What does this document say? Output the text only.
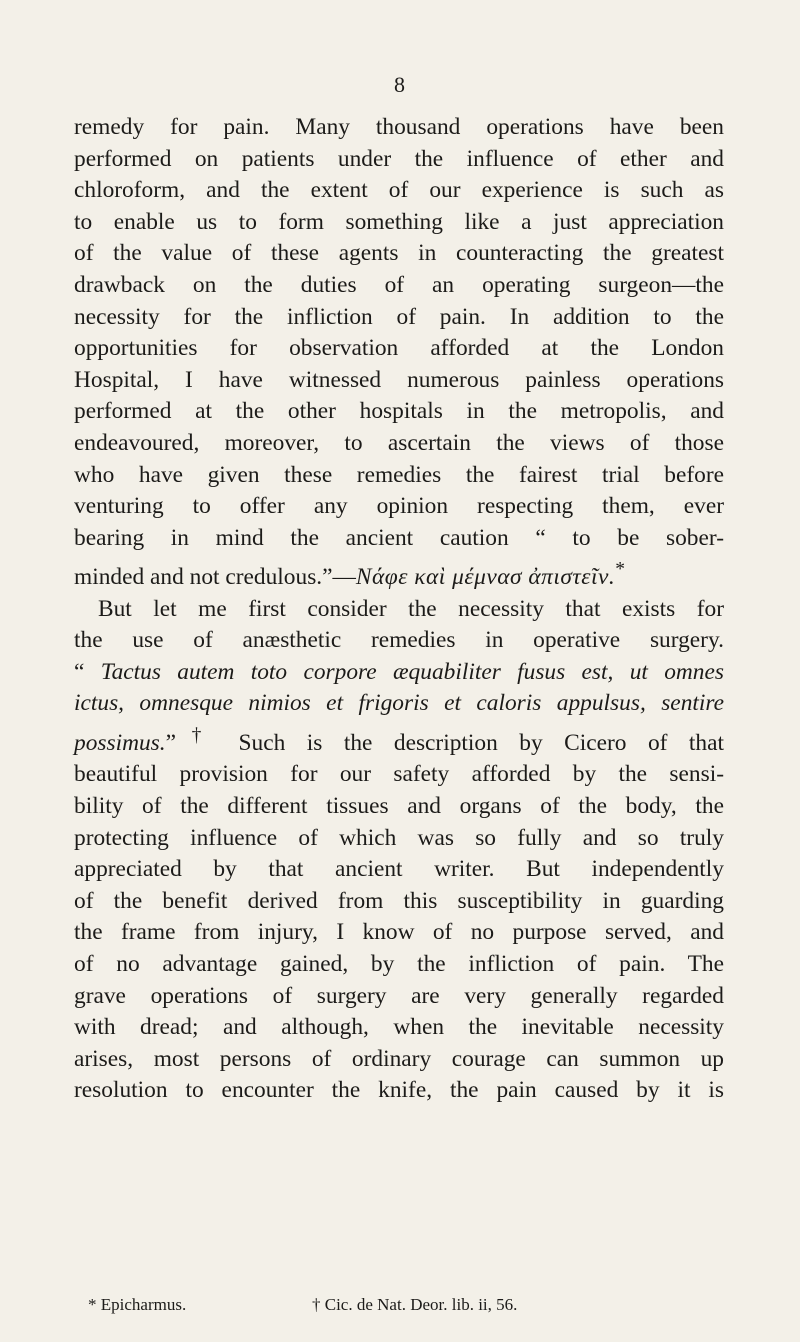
8
remedy for pain. Many thousand operations have been
performed on patients under the influence of ether and
chloroform, and the extent of our experience is such as
to enable us to form something like a just appreciation
of the value of these agents in counteracting the greatest
drawback on the duties of an operating surgeon—the
necessity for the infliction of pain. In addition to the
opportunities for observation afforded at the London
Hospital, I have witnessed numerous painless operations
performed at the other hospitals in the metropolis, and
endeavoured, moreover, to ascertain the views of those
who have given these remedies the fairest trial before
venturing to offer any opinion respecting them, ever
bearing in mind the ancient caution “ to be sober-
minded and not credulous.”—Nάφε καὶ μέμνασ ἀπιστεῖν.*
But let me first consider the necessity that exists for
the use of anæsthetic remedies in operative surgery.
“ Tactus autem toto corpore æquabiliter fusus est, ut omnes
ictus, omnesque nimios et frigoris et caloris appulsus, sentire
possimus.”† Such is the description by Cicero of that
beautiful provision for our safety afforded by the sensi-
bility of the different tissues and organs of the body, the
protecting influence of which was so fully and so truly
appreciated by that ancient writer. But independently
of the benefit derived from this susceptibility in guarding
the frame from injury, I know of no purpose served, and
of no advantage gained, by the infliction of pain. The
grave operations of surgery are very generally regarded
with dread; and although, when the inevitable necessity
arises, most persons of ordinary courage can summon up
resolution to encounter the knife, the pain caused by it is
* Epicharmus.	† Cic. de Nat. Deor. lib. ii, 56.
